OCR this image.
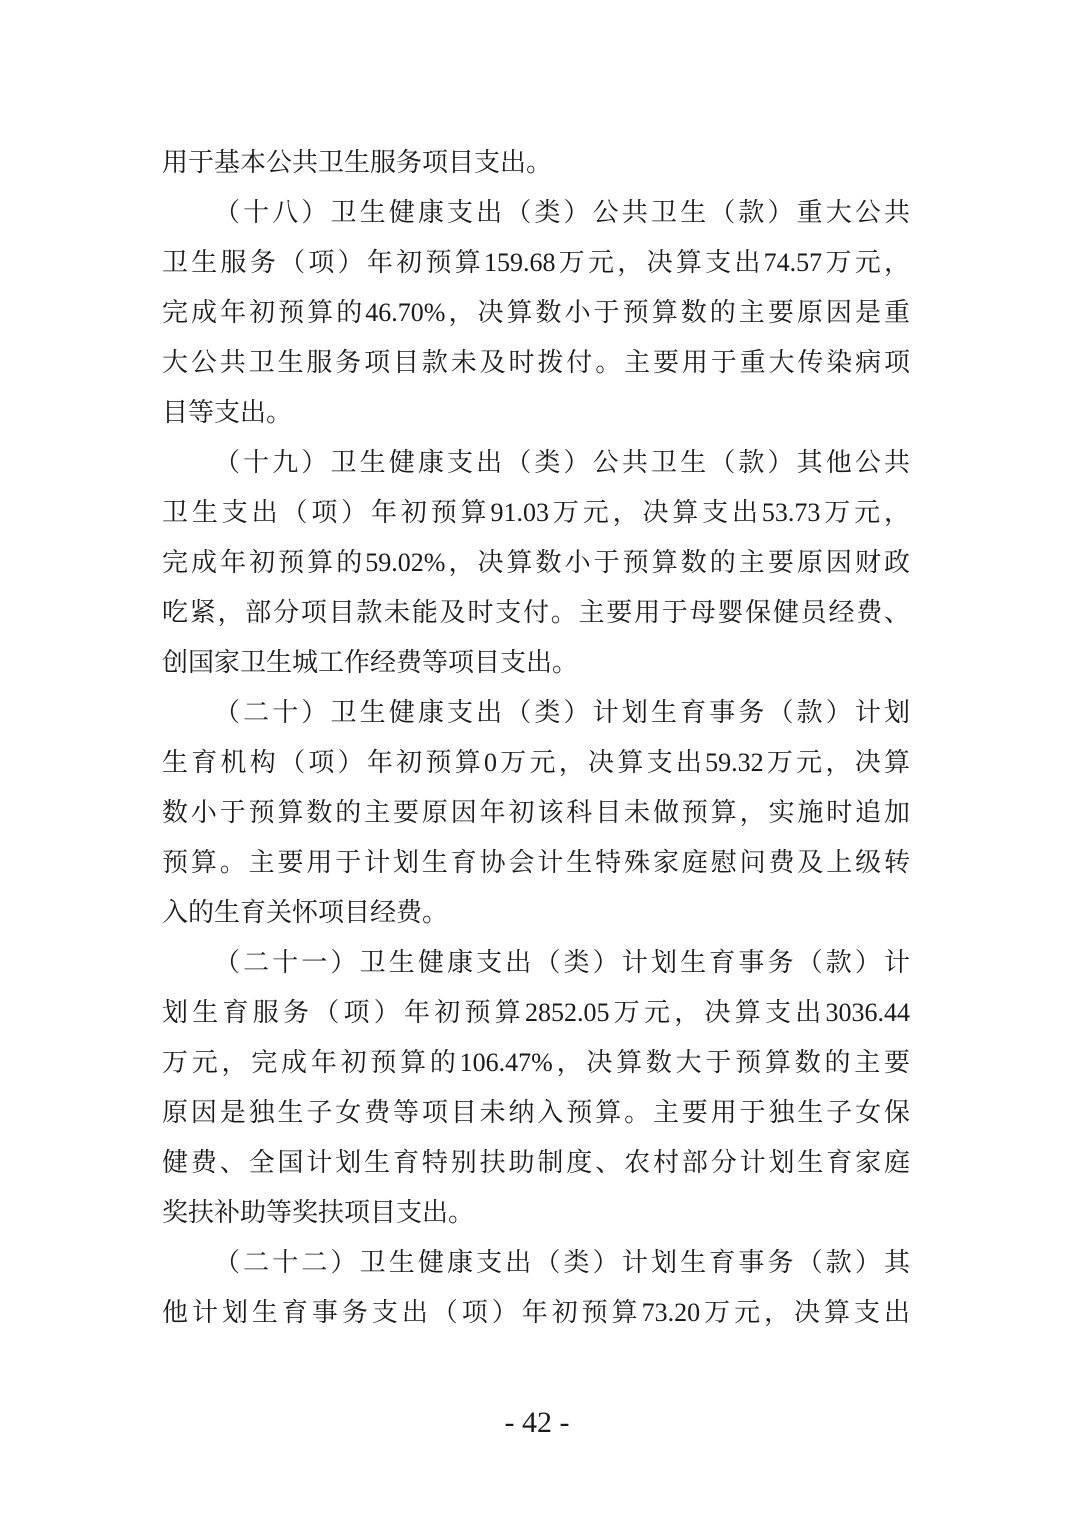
用于基本公共卫生服务项目支出。
（十八）卫生健康支出（类）公共卫生（款）重大公共
卫生服务（项）年初预算159.68万元，决算支出74.57万元，
完成年初预算的46.70%，决算数小于预算数的主要原因是重
大公共卫生服务项目款未及时拨付。主要用于重大传染病项
目等支出。
（十九）卫生健康支出（类）公共卫生（款）其他公共
卫生支出（项）年初预算91.03万元，决算支出53.73万元，
完成年初预算的59.02%，决算数小于预算数的主要原因财政
吃紧，部分项目款未能及时支付。主要用于母婴保健员经费、
创国家卫生城工作经费等项目支出。
（二十）卫生健康支出（类）计划生育事务（款）计划
生育机构（项）年初预算0万元，决算支出59.32万元，决算
数小于预算数的主要原因年初该科目未做预算，实施时追加
预算。主要用于计划生育协会计生特殊家庭慰问费及上级转
入的生育关怀项目经费。
（二十一）卫生健康支出（类）计划生育事务（款）计
划生育服务（项）年初预算2852.05万元，决算支出3036.44
万元，完成年初预算的106.47%，决算数大于预算数的主要
原因是独生子女费等项目未纳入预算。主要用于独生子女保
健费、全国计划生育特别扶助制度、农村部分计划生育家庭
奖扶补助等奖扶项目支出。
（二十二）卫生健康支出（类）计划生育事务（款）其
他计划生育事务支出（项）年初预算73.20万元，决算支出
- 42 -
